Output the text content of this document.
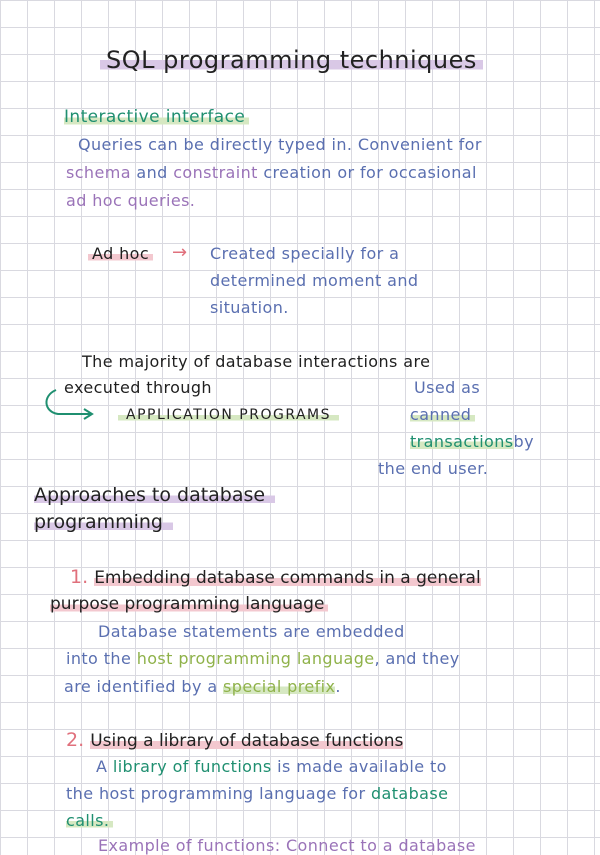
SQL programming techniques
Interactive interface
Queries can be directly typed in. Convenient for
schema and constraint creation or for occasional
ad hoc queries.
Ad hoc → Created specially for a
determined moment and
situation.
The majority of database interactions are
executed through
APPLICATION PROGRAMS
Used as
canned
transactionsby
the end user.
Approaches to database
programming
1. Embedding database commands in a general
purpose programming language
Database statements are embedded
into the host programming language, and they
are identified by a special prefix.
2. Using a library of database functions
A library of functions is made available to
the host programming language for database
calls.
Example of functions: Connect to a database
